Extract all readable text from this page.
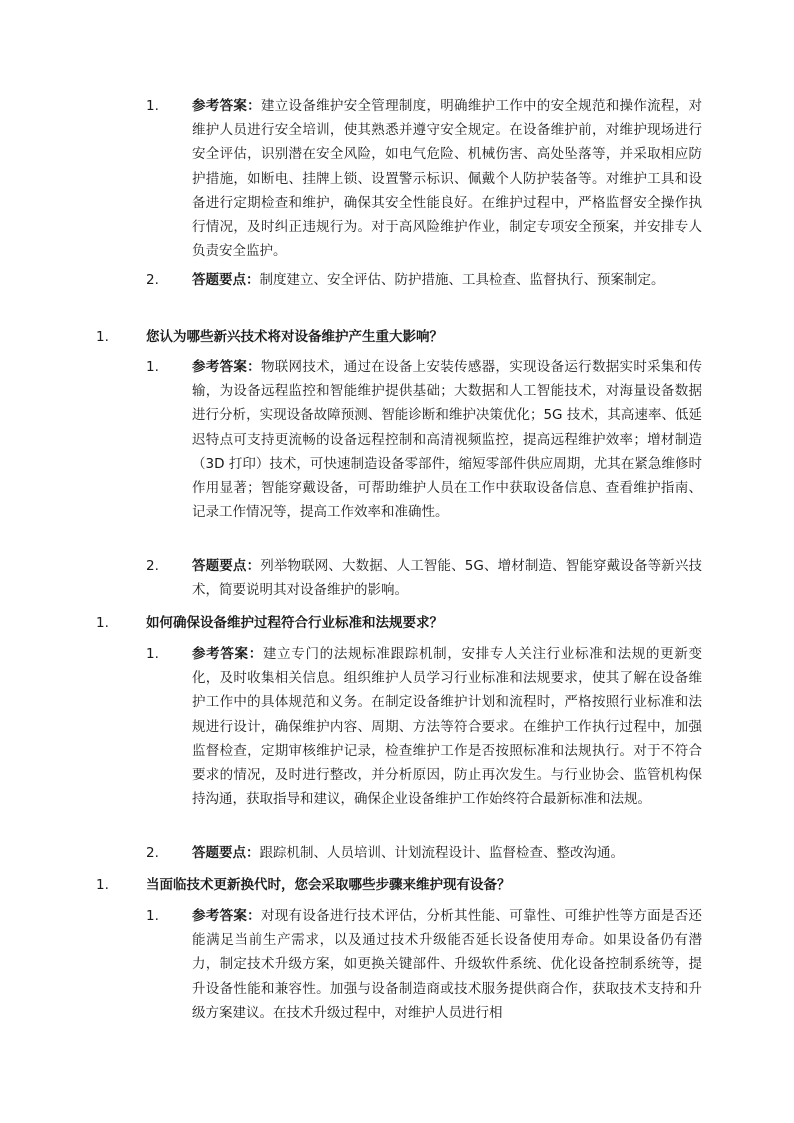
1. 参考答案：建立设备维护安全管理制度，明确维护工作中的安全规范和操作流程，对维护人员进行安全培训，使其熟悉并遵守安全规定。在设备维护前，对维护现场进行安全评估，识别潜在安全风险，如电气危险、机械伤害、高处坠落等，并采取相应防护措施，如断电、挂牌上锁、设置警示标识、佩戴个人防护装备等。对维护工具和设备进行定期检查和维护，确保其安全性能良好。在维护过程中，严格监督安全操作执行情况，及时纠正违规行为。对于高风险维护作业，制定专项安全预案，并安排专人负责安全监护。
2. 答题要点：制度建立、安全评估、防护措施、工具检查、监督执行、预案制定。
1.	您认为哪些新兴技术将对设备维护产生重大影响？
1. 参考答案：物联网技术，通过在设备上安装传感器，实现设备运行数据实时采集和传输，为设备远程监控和智能维护提供基础；大数据和人工智能技术，对海量设备数据进行分析，实现设备故障预测、智能诊断和维护决策优化；5G 技术，其高速率、低延迟特点可支持更流畅的设备远程控制和高清视频监控，提高远程维护效率；增材制造（3D 打印）技术，可快速制造设备零部件，缩短零部件供应周期，尤其在紧急维修时作用显著；智能穿戴设备，可帮助维护人员在工作中获取设备信息、查看维护指南、记录工作情况等，提高工作效率和准确性。
2. 答题要点：列举物联网、大数据、人工智能、5G、增材制造、智能穿戴设备等新兴技术，简要说明其对设备维护的影响。
1.	如何确保设备维护过程符合行业标准和法规要求？
1. 参考答案：建立专门的法规标准跟踪机制，安排专人关注行业标准和法规的更新变化，及时收集相关信息。组织维护人员学习行业标准和法规要求，使其了解在设备维护工作中的具体规范和义务。在制定设备维护计划和流程时，严格按照行业标准和法规进行设计，确保维护内容、周期、方法等符合要求。在维护工作执行过程中，加强监督检查，定期审核维护记录，检查维护工作是否按照标准和法规执行。对于不符合要求的情况，及时进行整改，并分析原因，防止再次发生。与行业协会、监管机构保持沟通，获取指导和建议，确保企业设备维护工作始终符合最新标准和法规。
2. 答题要点：跟踪机制、人员培训、计划流程设计、监督检查、整改沟通。
1.	当面临技术更新换代时，您会采取哪些步骤来维护现有设备？
1. 参考答案：对现有设备进行技术评估，分析其性能、可靠性、可维护性等方面是否还能满足当前生产需求，以及通过技术升级能否延长设备使用寿命。如果设备仍有潜力，制定技术升级方案，如更换关键部件、升级软件系统、优化设备控制系统等，提升设备性能和兼容性。加强与设备制造商或技术服务提供商合作，获取技术支持和升级方案建议。在技术升级过程中，对维护人员进行相
